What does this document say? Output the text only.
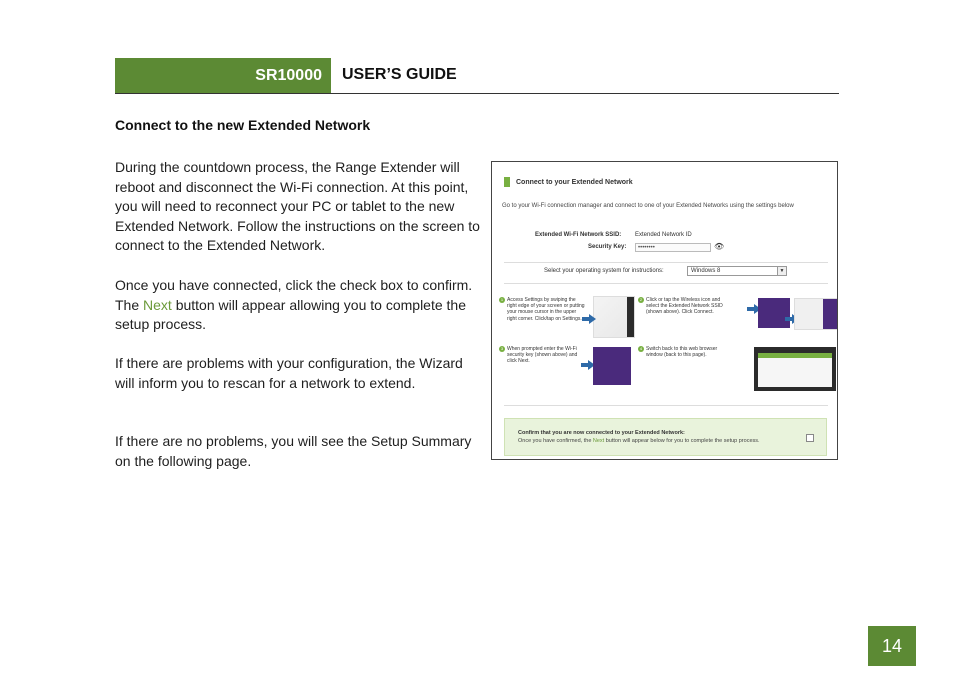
SR10000 USER’S GUIDE
Connect to the new Extended Network
During the countdown process, the Range Extender will reboot and disconnect the Wi-Fi connection. At this point, you will need to reconnect your PC or tablet to the new Extended Network. Follow the instructions on the screen to connect to the Extended Network.
Once you have connected, click the check box to confirm. The Next button will appear allowing you to complete the setup process.
If there are problems with your configuration, the Wizard will inform you to rescan for a network to extend.
If there are no problems, you will see the Setup Summary on the following page.
Connect to your Extended Network
Go to your Wi-Fi connection manager and connect to one of your Extended Networks using the settings below
Extended Wi-Fi Network SSID: Extended Network ID
Security Key:	••••••••	👁
Select your operating system for instructions:	Windows 8	▼
1 Access Settings by swiping the right edge of your screen or putting your mouse cursor in the upper right corner. Click/tap on Settings.
2 Click or tap the Wireless icon and select the Extended Network SSID (shown above). Click Connect.
3 When prompted enter the Wi-Fi security key (shown above) and click Next.
4 Switch back to this web browser window (back to this page).
Confirm that you are now connected to your Extended Network:
Once you have confirmed, the Next button will appear below for you to complete the setup process.
14
